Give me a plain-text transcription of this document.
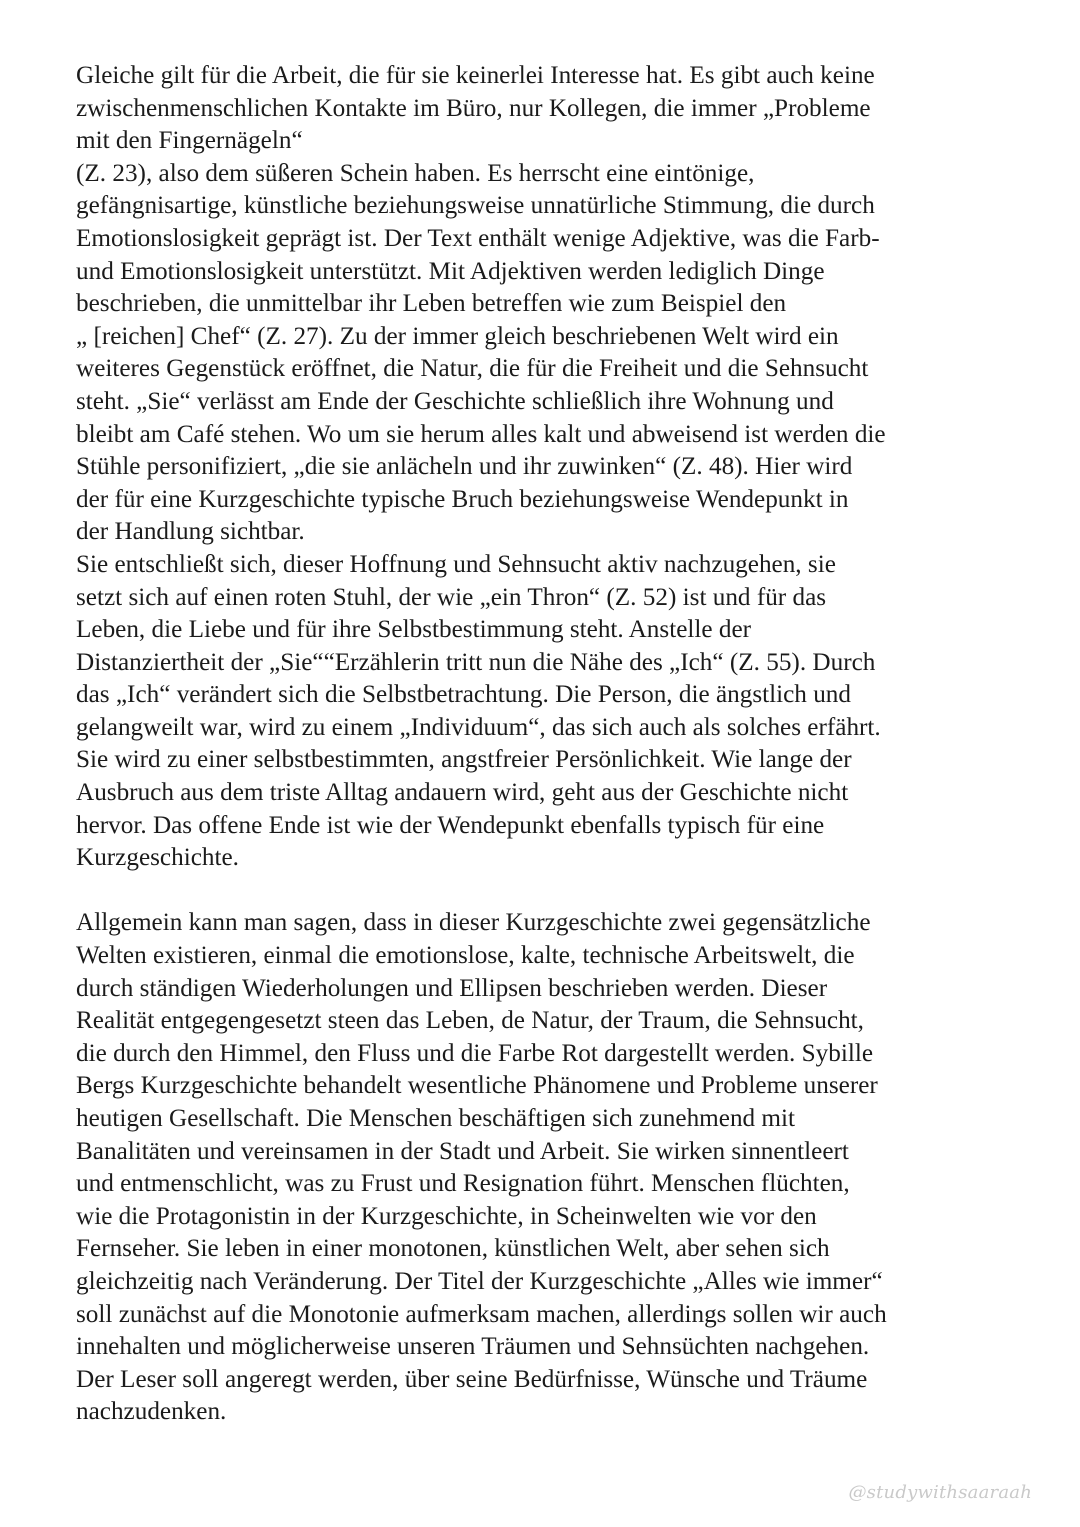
Gleiche gilt für die Arbeit, die für sie keinerlei Interesse hat. Es gibt auch keine
zwischenmenschlichen Kontakte im Büro, nur Kollegen, die immer „Probleme
mit den Fingernägeln“
(Z. 23), also dem süßeren Schein haben. Es herrscht eine eintönige,
gefängnisartige, künstliche beziehungsweise unnatürliche Stimmung, die durch
Emotionslosigkeit geprägt ist. Der Text enthält wenige Adjektive, was die Farb-
und Emotionslosigkeit unterstützt. Mit Adjektiven werden lediglich Dinge
beschrieben, die unmittelbar ihr Leben betreffen wie zum Beispiel den
„ [reichen] Chef“ (Z. 27). Zu der immer gleich beschriebenen Welt wird ein
weiteres Gegenstück eröffnet, die Natur, die für die Freiheit und die Sehnsucht
steht. „Sie“ verlässt am Ende der Geschichte schließlich ihre Wohnung und
bleibt am Café stehen. Wo um sie herum alles kalt und abweisend ist werden die
Stühle personifiziert, „die sie anlächeln und ihr zuwinken“ (Z. 48). Hier wird
der für eine Kurzgeschichte typische Bruch beziehungsweise Wendepunkt in
der Handlung sichtbar.
Sie entschließt sich, dieser Hoffnung und Sehnsucht aktiv nachzugehen, sie
setzt sich auf einen roten Stuhl, der wie „ein Thron“ (Z. 52) ist und für das
Leben, die Liebe und für ihre Selbstbestimmung steht. Anstelle der
Distanziertheit der „Sie““Erzählerin tritt nun die Nähe des „Ich“ (Z. 55). Durch
das „Ich“ verändert sich die Selbstbetrachtung. Die Person, die ängstlich und
gelangweilt war, wird zu einem „Individuum“, das sich auch als solches erfährt.
Sie wird zu einer selbstbestimmten, angstfreier Persönlichkeit. Wie lange der
Ausbruch aus dem triste Alltag andauern wird, geht aus der Geschichte nicht
hervor. Das offene Ende ist wie der Wendepunkt ebenfalls typisch für eine
Kurzgeschichte.
Allgemein kann man sagen, dass in dieser Kurzgeschichte zwei gegensätzliche
Welten existieren, einmal die emotionslose, kalte, technische Arbeitswelt, die
durch ständigen Wiederholungen und Ellipsen beschrieben werden. Dieser
Realität entgegengesetzt steen das Leben, de Natur, der Traum, die Sehnsucht,
die durch den Himmel, den Fluss und die Farbe Rot dargestellt werden. Sybille
Bergs Kurzgeschichte behandelt wesentliche Phänomene und Probleme unserer
heutigen Gesellschaft. Die Menschen beschäftigen sich zunehmend mit
Banalitäten und vereinsamen in der Stadt und Arbeit. Sie wirken sinnentleert
und entmenschlicht, was zu Frust und Resignation führt. Menschen flüchten,
wie die Protagonistin in der Kurzgeschichte, in Scheinwelten wie vor den
Fernseher. Sie leben in einer monotonen, künstlichen Welt, aber sehen sich
gleichzeitig nach Veränderung. Der Titel der Kurzgeschichte „Alles wie immer“
soll zunächst auf die Monotonie aufmerksam machen, allerdings sollen wir auch
innehalten und möglicherweise unseren Träumen und Sehnsüchten nachgehen.
Der Leser soll angeregt werden, über seine Bedürfnisse, Wünsche und Träume
nachzudenken.
@studywithsaaraah
